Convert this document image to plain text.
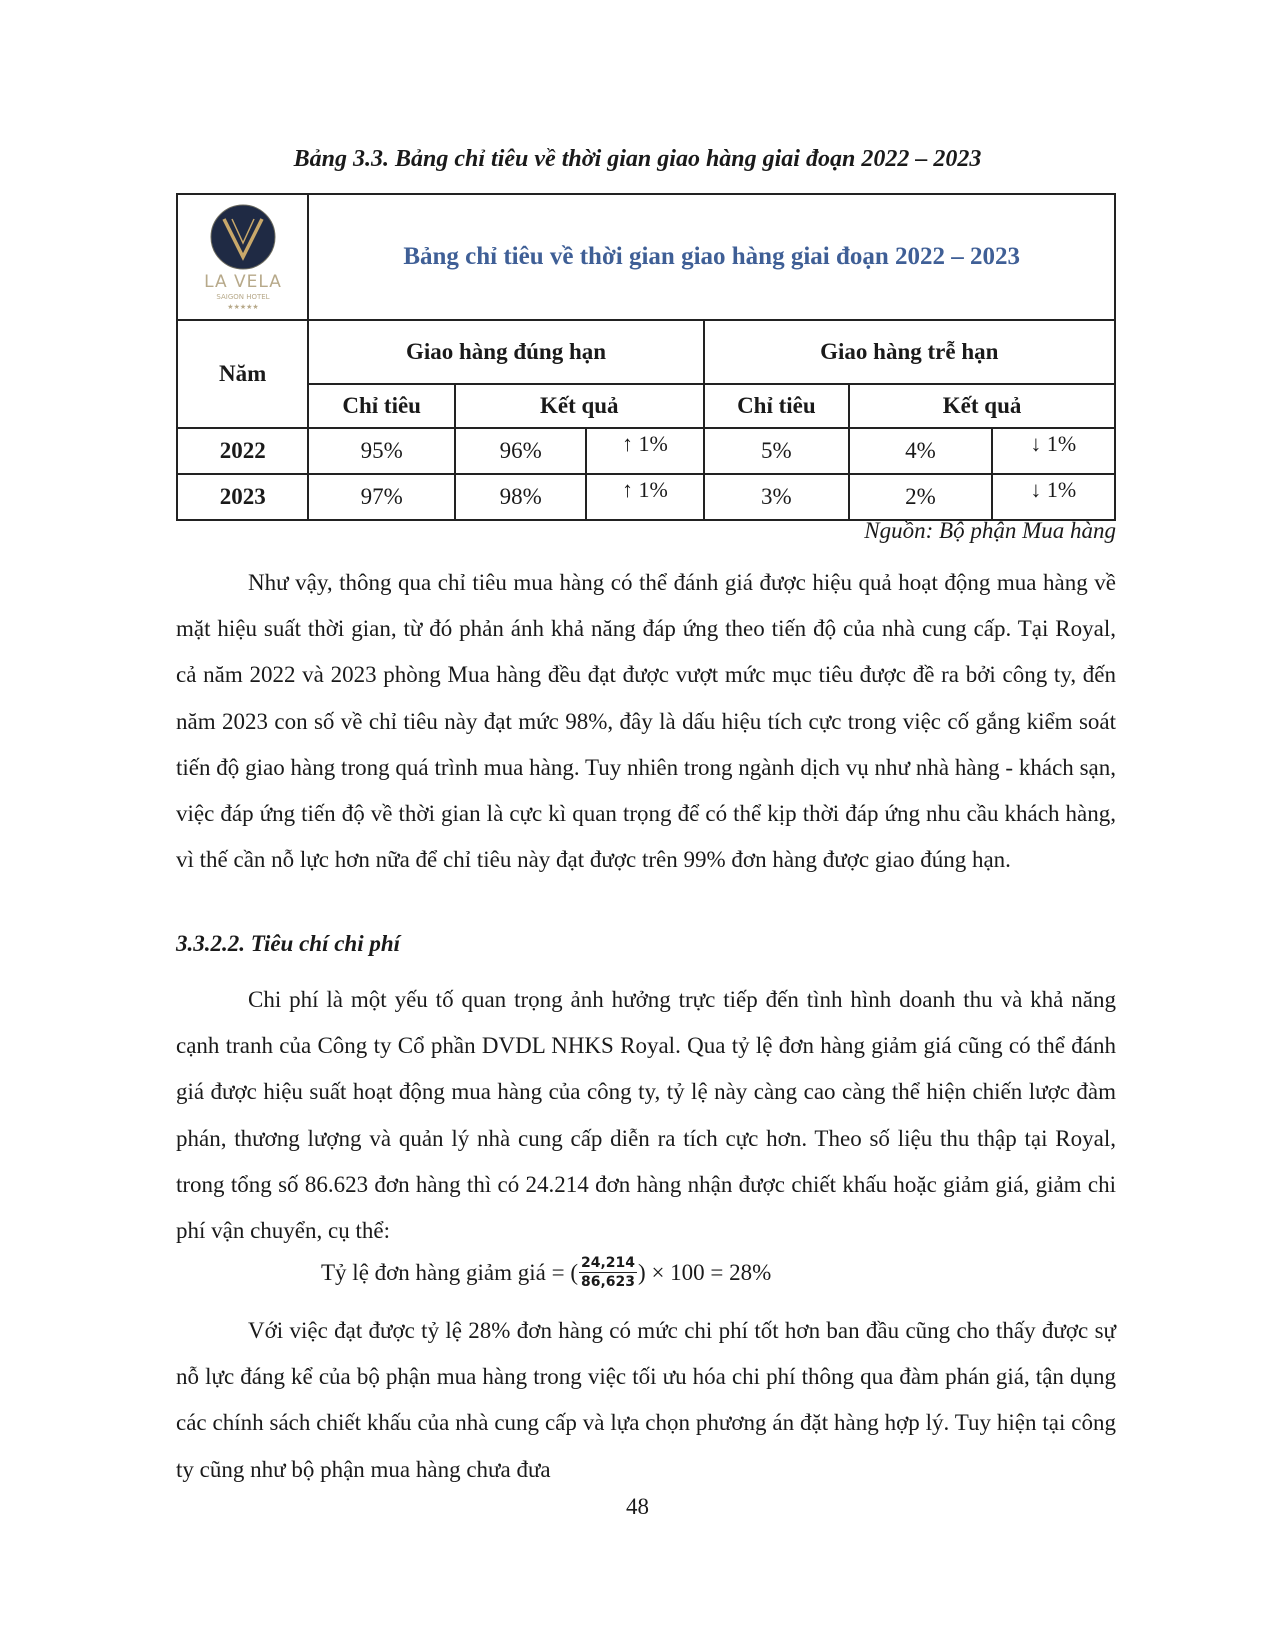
Bảng 3.3. Bảng chỉ tiêu về thời gian giao hàng giai đoạn 2022 – 2023
LA VELA
SAIGON HOTEL
★★★★★	Bảng chỉ tiêu về thời gian giao hàng giai đoạn 2022 – 2023					
Năm	Giao hàng đúng hạn			Giao hàng trễ hạn		
	Chỉ tiêu	Kết quả		Chỉ tiêu	Kết quả	
2022	95%	96%	↑ 1%	5%	4%	↓ 1%
2023	97%	98%	↑ 1%	3%	2%	↓ 1%
Nguồn: Bộ phận Mua hàng

Như vậy, thông qua chỉ tiêu mua hàng có thể đánh giá được hiệu quả hoạt động mua hàng về mặt hiệu suất thời gian, từ đó phản ánh khả năng đáp ứng theo tiến độ của nhà cung cấp. Tại Royal, cả năm 2022 và 2023 phòng Mua hàng đều đạt được vượt mức mục tiêu được đề ra bởi công ty, đến năm 2023 con số về chỉ tiêu này đạt mức 98%, đây là dấu hiệu tích cực trong việc cố gắng kiểm soát tiến độ giao hàng trong quá trình mua hàng. Tuy nhiên trong ngành dịch vụ như nhà hàng - khách sạn, việc đáp ứng tiến độ về thời gian là cực kì quan trọng để có thể kịp thời đáp ứng nhu cầu khách hàng, vì thế cần nỗ lực hơn nữa để chỉ tiêu này đạt được trên 99% đơn hàng được giao đúng hạn.

3.3.2.2. Tiêu chí chi phí

Chi phí là một yếu tố quan trọng ảnh hưởng trực tiếp đến tình hình doanh thu và khả năng cạnh tranh của Công ty Cổ phần DVDL NHKS Royal. Qua tỷ lệ đơn hàng giảm giá cũng có thể đánh giá được hiệu suất hoạt động mua hàng của công ty, tỷ lệ này càng cao càng thể hiện chiến lược đàm phán, thương lượng và quản lý nhà cung cấp diễn ra tích cực hơn. Theo số liệu thu thập tại Royal, trong tổng số 86.623 đơn hàng thì có 24.214 đơn hàng nhận được chiết khấu hoặc giảm giá, giảm chi phí vận chuyển, cụ thể:

Tỷ lệ đơn hàng giảm giá = ( $\frac{24,214}{86,623}$ ) × 100 = 28%

Với việc đạt được tỷ lệ 28% đơn hàng có mức chi phí tốt hơn ban đầu cũng cho thấy được sự nỗ lực đáng kể của bộ phận mua hàng trong việc tối ưu hóa chi phí thông qua đàm phán giá, tận dụng các chính sách chiết khấu của nhà cung cấp và lựa chọn phương án đặt hàng hợp lý. Tuy hiện tại công ty cũng như bộ phận mua hàng chưa đưa

48
